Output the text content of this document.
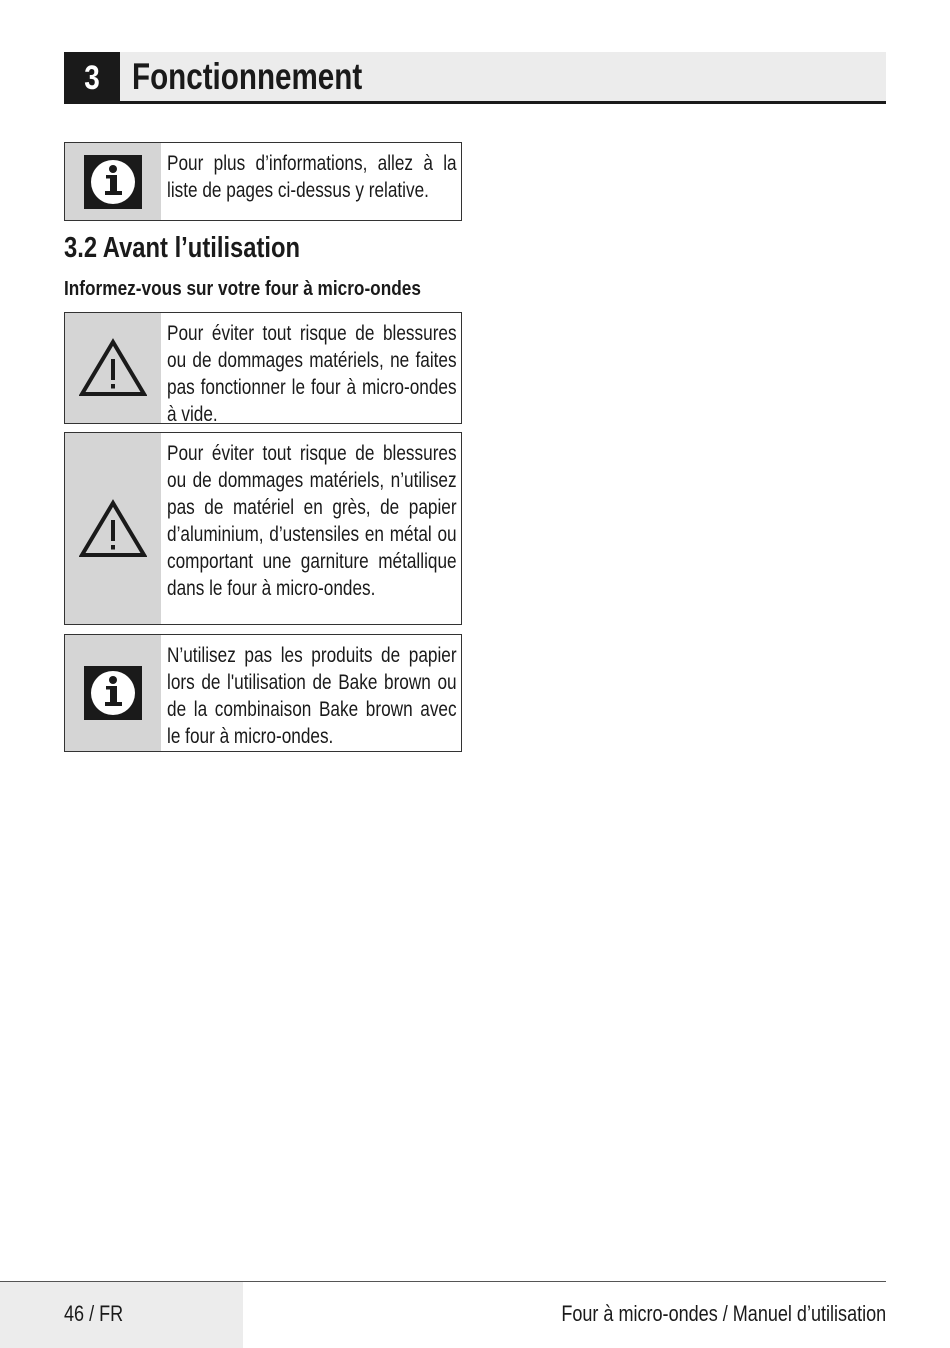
3 Fonctionnement
Pour plus d’informations, allez à la liste de pages ci-dessus y relative.
3.2 Avant l’utilisation
Informez-vous sur votre four à micro-ondes
Pour éviter tout risque de blessures ou de dommages matériels, ne faites pas fonctionner le four à micro-ondes à vide.
Pour éviter tout risque de blessures ou de dommages matériels, n’utilisez pas de matériel en grès, de papier d’aluminium, d’ustensiles en métal ou comportant une garniture métallique dans le four à micro-ondes.
N’utilisez pas les produits de papier lors de l'utilisation de Bake brown ou de la combinaison Bake brown avec le four à micro-ondes.
46 / FR	Four à micro-ondes / Manuel d’utilisation
